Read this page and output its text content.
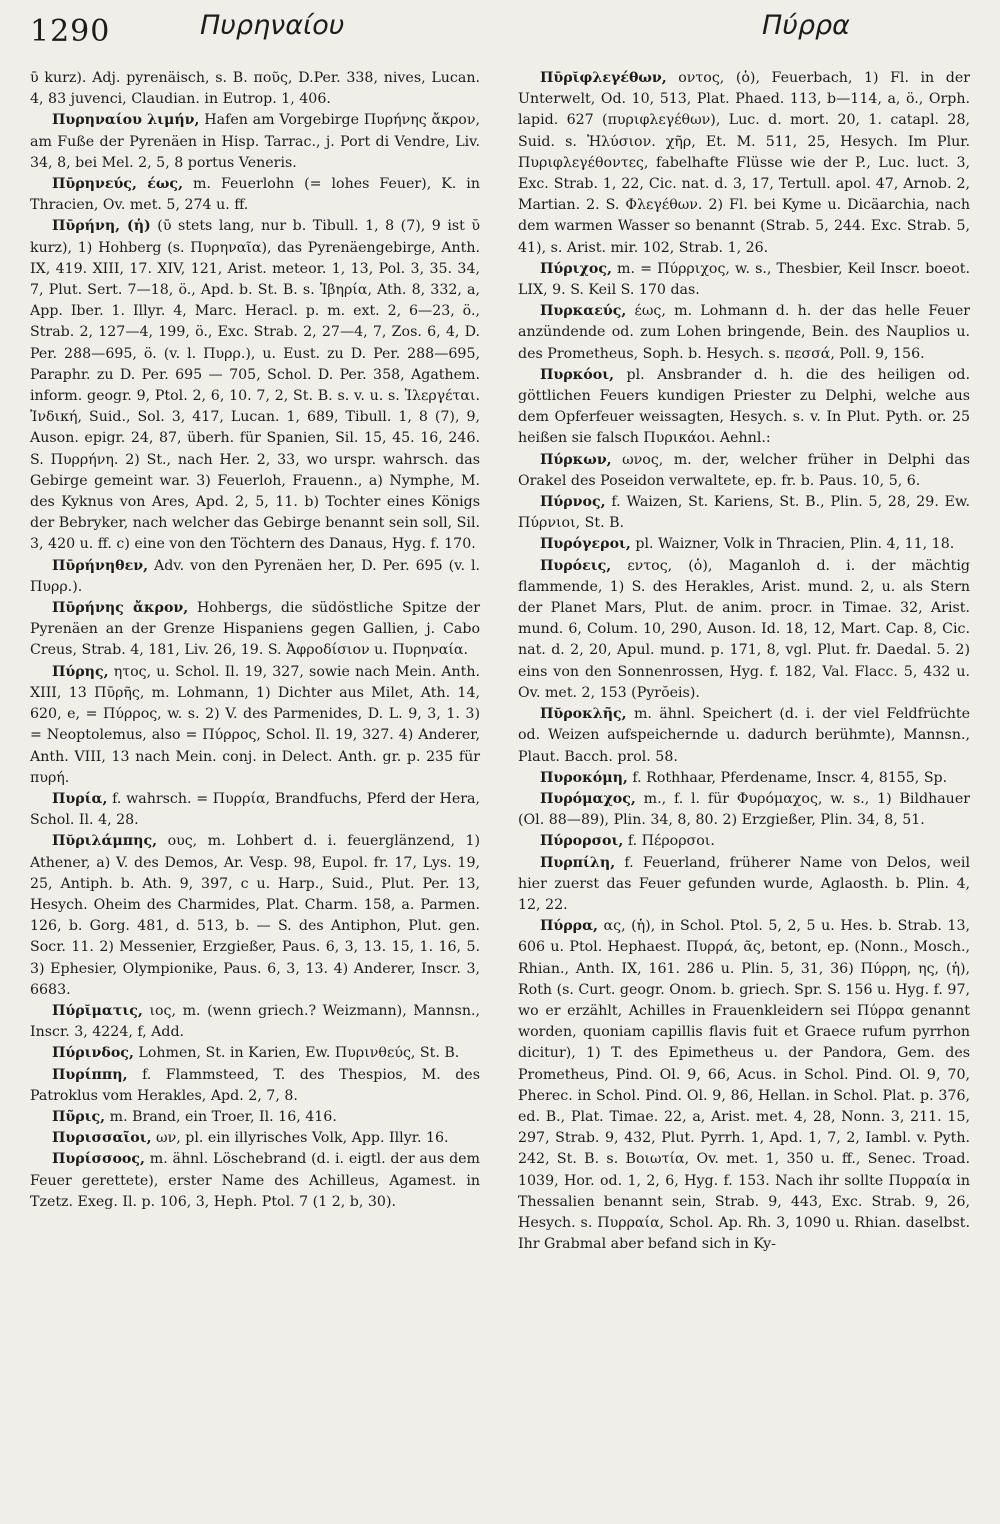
1290	Πυρηναίου	Πύρρα

ῡ kurz). Adj. pyrenäisch, s. B. ποῦς, D.Per. 338, nives, Lucan. 4, 83 juvenci, Claudian. in Eutrop. 1, 406.

Πυρηναίου λιμήν, Hafen am Vorgebirge Πυρήνης ἄκρον, am Fuße der Pyrenäen in Hisp. Tarrac., j. Port di Vendre, Liv. 34, 8, bei Mel. 2, 5, 8 portus Veneris.

Πῡρηνεύς, έως, m. Feuerlohn (= lohes Feuer), K. in Thracien, Ov. met. 5, 274 u. ff.

Πῡρήνη, (ἡ) (ῡ stets lang, nur b. Tibull. 1, 8 (7), 9 ist ῠ kurz), 1) Hohberg (s. Πυρηναῖα), das Pyrenäengebirge, Anth. IX, 419. XIII, 17. XIV, 121, Arist. meteor. 1, 13, Pol. 3, 35. 34, 7, Plut. Sert. 7—18, ö., Apd. b. St. B. s. Ἰβηρία, Ath. 8, 332, a, App. Iber. 1. Illyr. 4, Marc. Heracl. p. m. ext. 2, 6—23, ö., Strab. 2, 127—4, 199, ö., Exc. Strab. 2, 27—4, 7, Zos. 6, 4, D. Per. 288—695, ö. (v. l. Πυρρ.), u. Eust. zu D. Per. 288—695, Paraphr. zu D. Per. 695 — 705, Schol. D. Per. 358, Agathem. inform. geogr. 9, Ptol. 2, 6, 10. 7, 2, St. B. s. v. u. s. Ἰλεργέται. Ἰνδική, Suid., Sol. 3, 417, Lucan. 1, 689, Tibull. 1, 8 (7), 9, Auson. epigr. 24, 87, überh. für Spanien, Sil. 15, 45. 16, 246. S. Πυρρήνη. 2) St., nach Her. 2, 33, wo urspr. wahrsch. das Gebirge gemeint war. 3) Feuerloh, Frauenn., a) Nymphe, M. des Kyknus von Ares, Apd. 2, 5, 11. b) Tochter eines Königs der Bebryker, nach welcher das Gebirge benannt sein soll, Sil. 3, 420 u. ff. c) eine von den Töchtern des Danaus, Hyg. f. 170.

Πῡρήνηθεν, Adv. von den Pyrenäen her, D. Per. 695 (v. l. Πυρρ.).

Πῡρήνης ἄκρον, Hohbergs, die südöstliche Spitze der Pyrenäen an der Grenze Hispaniens gegen Gallien, j. Cabo Creus, Strab. 4, 181, Liv. 26, 19. S. Ἀφροδίσιον u. Πυρηναία.

Πύρης, ητος, u. Schol. Il. 19, 327, sowie nach Mein. Anth. XIII, 13 Πῡρῆς, m. Lohmann, 1) Dichter aus Milet, Ath. 14, 620, e, = Πύρρος, w. s. 2) V. des Parmenides, D. L. 9, 3, 1. 3) = Neoptolemus, also = Πύρρος, Schol. Il. 19, 327. 4) Anderer, Anth. VIII, 13 nach Mein. conj. in Delect. Anth. gr. p. 235 für πυρή.

Πυρία, f. wahrsch. = Πυρρία, Brandfuchs, Pferd der Hera, Schol. Il. 4, 28.

Πῠριλάμπης, ους, m. Lohbert d. i. feuerglänzend, 1) Athener, a) V. des Demos, Ar. Vesp. 98, Eupol. fr. 17, Lys. 19, 25, Antiph. b. Ath. 9, 397, c u. Harp., Suid., Plut. Per. 13, Hesych. Oheim des Charmides, Plat. Charm. 158, a. Parmen. 126, b. Gorg. 481, d. 513, b. — S. des Antiphon, Plut. gen. Socr. 11. 2) Messenier, Erzgießer, Paus. 6, 3, 13. 15, 1. 16, 5. 3) Ephesier, Olympionike, Paus. 6, 3, 13. 4) Anderer, Inscr. 3, 6683.

Πύρῐματις, ιος, m. (wenn griech.? Weizmann), Mannsn., Inscr. 3, 4224, f, Add.

Πύρινδος, Lohmen, St. in Karien, Ew. Πυρινθεύς, St. B.

Πυρίππη, f. Flammsteed, T. des Thespios, M. des Patroklus vom Herakles, Apd. 2, 7, 8.

Πῦρις, m. Brand, ein Troer, Il. 16, 416.

Πυρισσαῖοι, ων, pl. ein illyrisches Volk, App. Illyr. 16.

Πυρίσσοος, m. ähnl. Löschebrand (d. i. eigtl. der aus dem Feuer gerettete), erster Name des Achilleus, Agamest. in Tzetz. Exeg. Il. p. 106, 3, Heph. Ptol. 7 (1 2, b, 30).

Πῡρῐφλεγέθων, οντος, (ὁ), Feuerbach, 1) Fl. in der Unterwelt, Od. 10, 513, Plat. Phaed. 113, b—114, a, ö., Orph. lapid. 627 (πυριφλεγέθων), Luc. d. mort. 20, 1. catapl. 28, Suid. s. Ἠλύσιον. χῆρ, Et. M. 511, 25, Hesych. Im Plur. Πυριφλεγέθοντες, fabelhafte Flüsse wie der P., Luc. luct. 3, Exc. Strab. 1, 22, Cic. nat. d. 3, 17, Tertull. apol. 47, Arnob. 2, Martian. 2. S. Φλεγέθων. 2) Fl. bei Kyme u. Dicäarchia, nach dem warmen Wasser so benannt (Strab. 5, 244. Exc. Strab. 5, 41), s. Arist. mir. 102, Strab. 1, 26.

Πύριχος, m. = Πύρριχος, w. s., Thesbier, Keil Inscr. boeot. LIX, 9. S. Keil S. 170 das.

Πυρκαεύς, έως, m. Lohmann d. h. der das helle Feuer anzündende od. zum Lohen bringende, Bein. des Nauplios u. des Prometheus, Soph. b. Hesych. s. πεσσά, Poll. 9, 156.

Πυρκόοι, pl. Ansbrander d. h. die des heiligen od. göttlichen Feuers kundigen Priester zu Delphi, welche aus dem Opferfeuer weissagten, Hesych. s. v. In Plut. Pyth. or. 25 heißen sie falsch Πυρικάοι. Aehnl.:

Πύρκων, ωνος, m. der, welcher früher in Delphi das Orakel des Poseidon verwaltete, ep. fr. b. Paus. 10, 5, 6.

Πύρνος, f. Waizen, St. Kariens, St. B., Plin. 5, 28, 29. Ew. Πύρνιοι, St. B.

Πυρόγεροι, pl. Waizner, Volk in Thracien, Plin. 4, 11, 18.

Πυρόεις, εντος, (ὁ), Maganloh d. i. der mächtig flammende, 1) S. des Herakles, Arist. mund. 2, u. als Stern der Planet Mars, Plut. de anim. procr. in Timae. 32, Arist. mund. 6, Colum. 10, 290, Auson. Id. 18, 12, Mart. Cap. 8, Cic. nat. d. 2, 20, Apul. mund. p. 171, 8, vgl. Plut. fr. Daedal. 5. 2) eins von den Sonnenrossen, Hyg. f. 182, Val. Flacc. 5, 432 u. Ov. met. 2, 153 (Pyrŏeis).

Πῠροκλῆς, m. ähnl. Speichert (d. i. der viel Feldfrüchte od. Weizen aufspeichernde u. dadurch berühmte), Mannsn., Plaut. Bacch. prol. 58.

Πυροκόμη, f. Rothhaar, Pferdename, Inscr. 4, 8155, Sp.

Πυρόμαχος, m., f. l. für Φυρόμαχος, w. s., 1) Bildhauer (Ol. 88—89), Plin. 34, 8, 80. 2) Erzgießer, Plin. 34, 8, 51.

Πύρορσοι, f. Πέρορσοι.

Πυρπίλη, f. Feuerland, früherer Name von Delos, weil hier zuerst das Feuer gefunden wurde, Aglaosth. b. Plin. 4, 12, 22.

Πύρρα, ας, (ἡ), in Schol. Ptol. 5, 2, 5 u. Hes. b. Strab. 13, 606 u. Ptol. Hephaest. Πυρρά, ᾶς, betont, ep. (Nonn., Mosch., Rhian., Anth. IX, 161. 286 u. Plin. 5, 31, 36) Πύρρη, ης, (ἡ), Roth (s. Curt. geogr. Onom. b. griech. Spr. S. 156 u. Hyg. f. 97, wo er erzählt, Achilles in Frauenkleidern sei Πύρρα genannt worden, quoniam capillis flavis fuit et Graece rufum pyrrhon dicitur), 1) T. des Epimetheus u. der Pandora, Gem. des Prometheus, Pind. Ol. 9, 66, Acus. in Schol. Pind. Ol. 9, 70, Pherec. in Schol. Pind. Ol. 9, 86, Hellan. in Schol. Plat. p. 376, ed. B., Plat. Timae. 22, a, Arist. met. 4, 28, Nonn. 3, 211. 15, 297, Strab. 9, 432, Plut. Pyrrh. 1, Apd. 1, 7, 2, Iambl. v. Pyth. 242, St. B. s. Βοιωτία, Ov. met. 1, 350 u. ff., Senec. Troad. 1039, Hor. od. 1, 2, 6, Hyg. f. 153. Nach ihr sollte Πυρραία in Thessalien benannt sein, Strab. 9, 443, Exc. Strab. 9, 26, Hesych. s. Πυρραία, Schol. Ap. Rh. 3, 1090 u. Rhian. daselbst. Ihr Grabmal aber befand sich in Ky-
